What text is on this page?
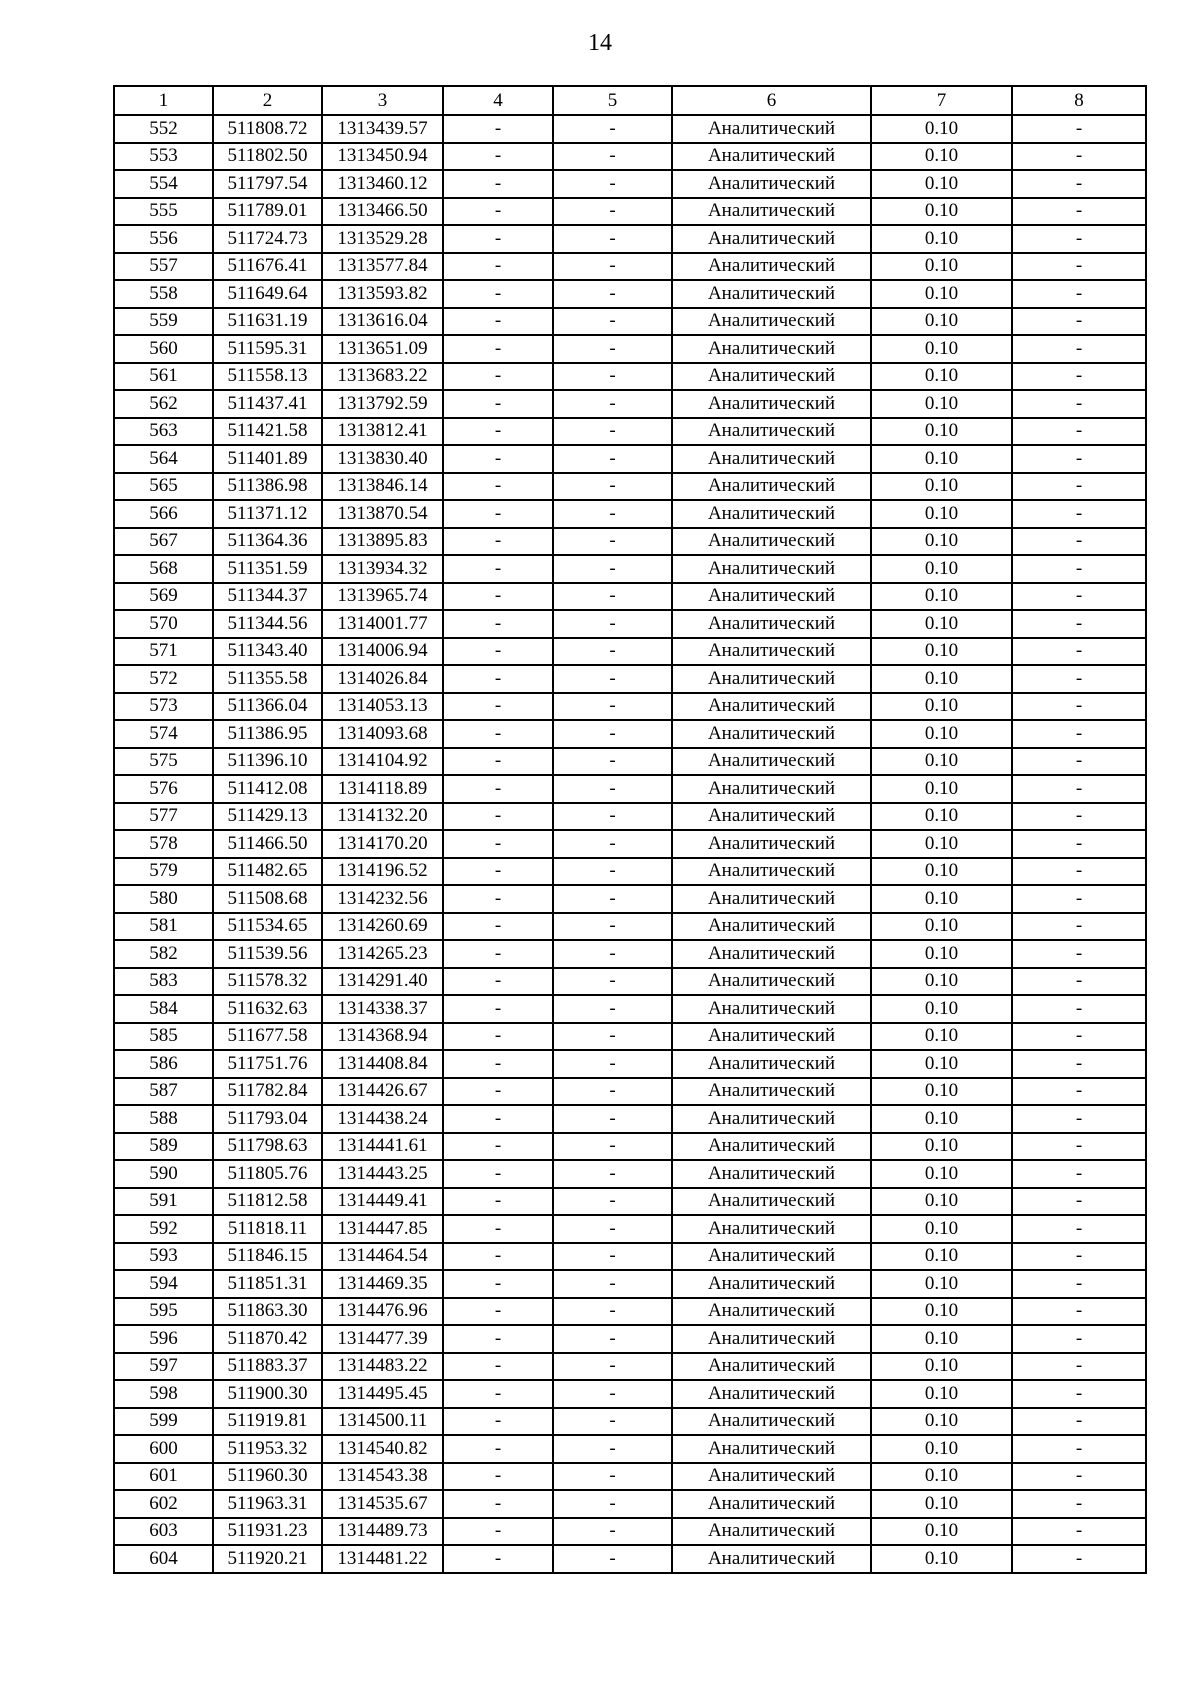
14
1	2	3	4	5	6	7	8
552	511808.72	1313439.57	-	-	Аналитический	0.10	-
553	511802.50	1313450.94	-	-	Аналитический	0.10	-
554	511797.54	1313460.12	-	-	Аналитический	0.10	-
555	511789.01	1313466.50	-	-	Аналитический	0.10	-
556	511724.73	1313529.28	-	-	Аналитический	0.10	-
557	511676.41	1313577.84	-	-	Аналитический	0.10	-
558	511649.64	1313593.82	-	-	Аналитический	0.10	-
559	511631.19	1313616.04	-	-	Аналитический	0.10	-
560	511595.31	1313651.09	-	-	Аналитический	0.10	-
561	511558.13	1313683.22	-	-	Аналитический	0.10	-
562	511437.41	1313792.59	-	-	Аналитический	0.10	-
563	511421.58	1313812.41	-	-	Аналитический	0.10	-
564	511401.89	1313830.40	-	-	Аналитический	0.10	-
565	511386.98	1313846.14	-	-	Аналитический	0.10	-
566	511371.12	1313870.54	-	-	Аналитический	0.10	-
567	511364.36	1313895.83	-	-	Аналитический	0.10	-
568	511351.59	1313934.32	-	-	Аналитический	0.10	-
569	511344.37	1313965.74	-	-	Аналитический	0.10	-
570	511344.56	1314001.77	-	-	Аналитический	0.10	-
571	511343.40	1314006.94	-	-	Аналитический	0.10	-
572	511355.58	1314026.84	-	-	Аналитический	0.10	-
573	511366.04	1314053.13	-	-	Аналитический	0.10	-
574	511386.95	1314093.68	-	-	Аналитический	0.10	-
575	511396.10	1314104.92	-	-	Аналитический	0.10	-
576	511412.08	1314118.89	-	-	Аналитический	0.10	-
577	511429.13	1314132.20	-	-	Аналитический	0.10	-
578	511466.50	1314170.20	-	-	Аналитический	0.10	-
579	511482.65	1314196.52	-	-	Аналитический	0.10	-
580	511508.68	1314232.56	-	-	Аналитический	0.10	-
581	511534.65	1314260.69	-	-	Аналитический	0.10	-
582	511539.56	1314265.23	-	-	Аналитический	0.10	-
583	511578.32	1314291.40	-	-	Аналитический	0.10	-
584	511632.63	1314338.37	-	-	Аналитический	0.10	-
585	511677.58	1314368.94	-	-	Аналитический	0.10	-
586	511751.76	1314408.84	-	-	Аналитический	0.10	-
587	511782.84	1314426.67	-	-	Аналитический	0.10	-
588	511793.04	1314438.24	-	-	Аналитический	0.10	-
589	511798.63	1314441.61	-	-	Аналитический	0.10	-
590	511805.76	1314443.25	-	-	Аналитический	0.10	-
591	511812.58	1314449.41	-	-	Аналитический	0.10	-
592	511818.11	1314447.85	-	-	Аналитический	0.10	-
593	511846.15	1314464.54	-	-	Аналитический	0.10	-
594	511851.31	1314469.35	-	-	Аналитический	0.10	-
595	511863.30	1314476.96	-	-	Аналитический	0.10	-
596	511870.42	1314477.39	-	-	Аналитический	0.10	-
597	511883.37	1314483.22	-	-	Аналитический	0.10	-
598	511900.30	1314495.45	-	-	Аналитический	0.10	-
599	511919.81	1314500.11	-	-	Аналитический	0.10	-
600	511953.32	1314540.82	-	-	Аналитический	0.10	-
601	511960.30	1314543.38	-	-	Аналитический	0.10	-
602	511963.31	1314535.67	-	-	Аналитический	0.10	-
603	511931.23	1314489.73	-	-	Аналитический	0.10	-
604	511920.21	1314481.22	-	-	Аналитический	0.10	-
